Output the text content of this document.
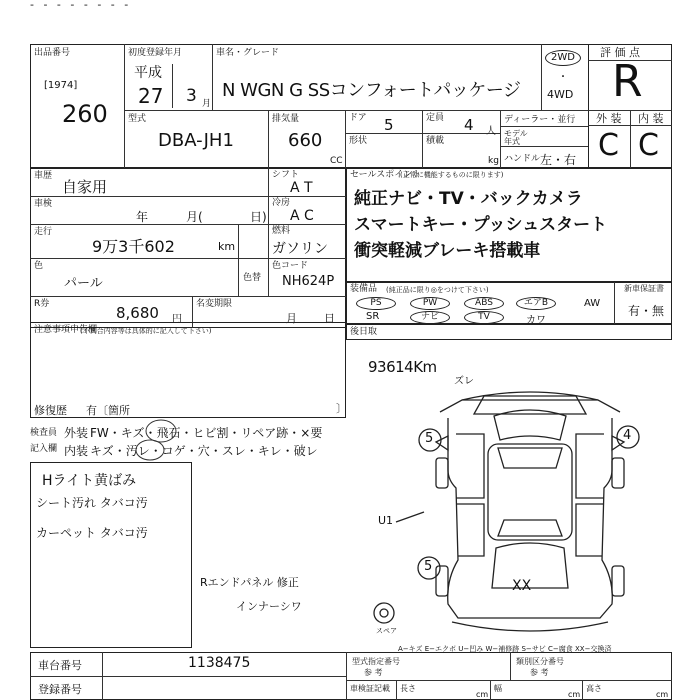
- - - - - - - -
出品番号
[1974]
260
初度登録年月
平成
27 3 月
車名・グレード
N WGN G SSコンフォートパッケージ
2WD
・
4WD
評 価 点
R
外 装 内 装
C C
型式
DBA-JH1
排気量
660
CC
ドア 5
形状
定員 4 人
積載
kg
ディーラー・並行
モデル 年式
ハンドル 左・右
車歴
自家用
シフト
A T
車検
年	月(	日)
冷房
A C
走行
9万3千602	km
燃料
ガソリン
色
パール	色替
色コード
NH624P
R券	8,680 円
名変期限
月 日
注意事項申告欄
(不具合内容等は具体的に記入して下さい)
修復歴 有〔箇所	〕
セールスポイント
(正常に機能するものに限ります)
純正ナビ・TV・バックカメラ
スマートキー・プッシュスタート
衝突軽減ブレーキ搭載車
装備品 (純正品に限り◎をつけて下さい)
PS	PW	ABS	エアB	AW
SR	ナビ	TV	カワ
新車保証書
有・無
後日取
検査員
記入欄
外装 FW・キズ・飛石・ヒビ割・リペア跡・×要
内装 キズ・汚レ・コゲ・穴・スレ・キレ・破レ
Hライト黄ばみ
シート汚れ タバコ汚
カーペット タバコ汚
Rエンドパネル 修正
インナーシワ
93614Km
ズレ
5	4
5
U1
XX
スペア
A−キズ E−エクボ U−凹み W−補修跡 S−サビ C−腐食 XX−交換済
車台番号	1138475
登録番号
型式指定番号
参 考
類別区分番号
参 考
車検証記載 長さ
cm
幅
cm
高さ
cm
